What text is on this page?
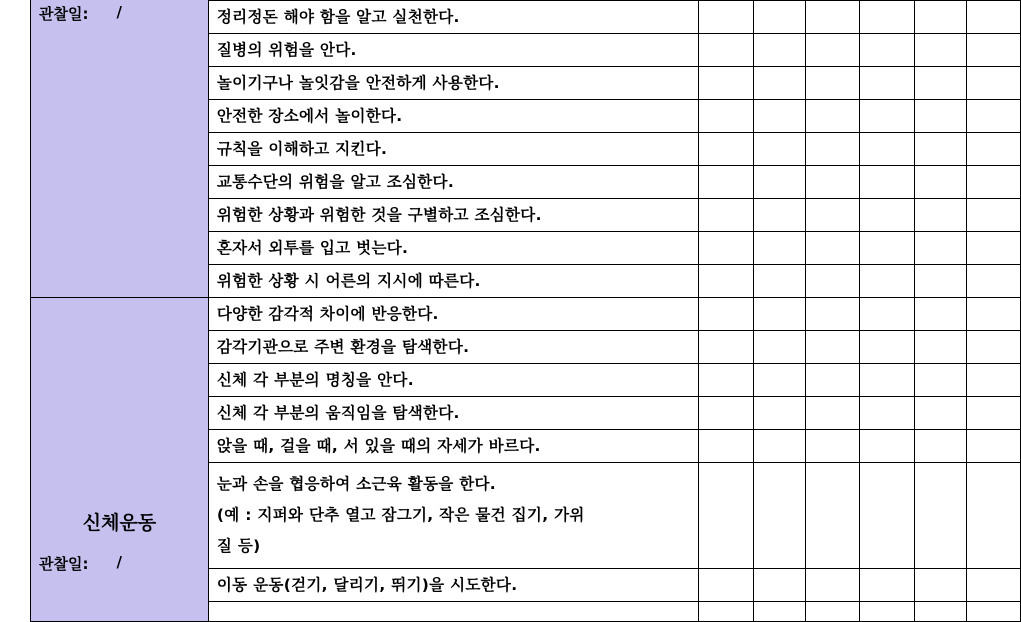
관찰일: /							

	정리정돈 해야 함을 알고 실천한다.						
	질병의 위험을 안다.						
	놀이기구나 놀잇감을 안전하게 사용한다.						
	안전한 장소에서 놀이한다.						
	규칙을 이해하고 지킨다.						
	교통수단의 위험을 알고 조심한다.						
	위험한 상황과 위험한 것을 구별하고 조심한다.						
	혼자서 외투를 입고 벗는다.						
	위험한 상황 시 어른의 지시에 따른다.						

신체운동
관찰일: /	다양한 감각적 차이에 반응한다.						
	감각기관으로 주변 환경을 탐색한다.						
	신체 각 부분의 명칭을 안다.						
	신체 각 부분의 움직임을 탐색한다.						
	앉을 때, 걸을 때, 서 있을 때의 자세가 바르다.						

	눈과 손을 협응하여 소근육 활동을 한다.
(예 : 지퍼와 단추 열고 잠그기, 작은 물건 집기, 가위
질 등)						

	이동 운동(걷기, 달리기, 뛰기)을 시도한다.						
